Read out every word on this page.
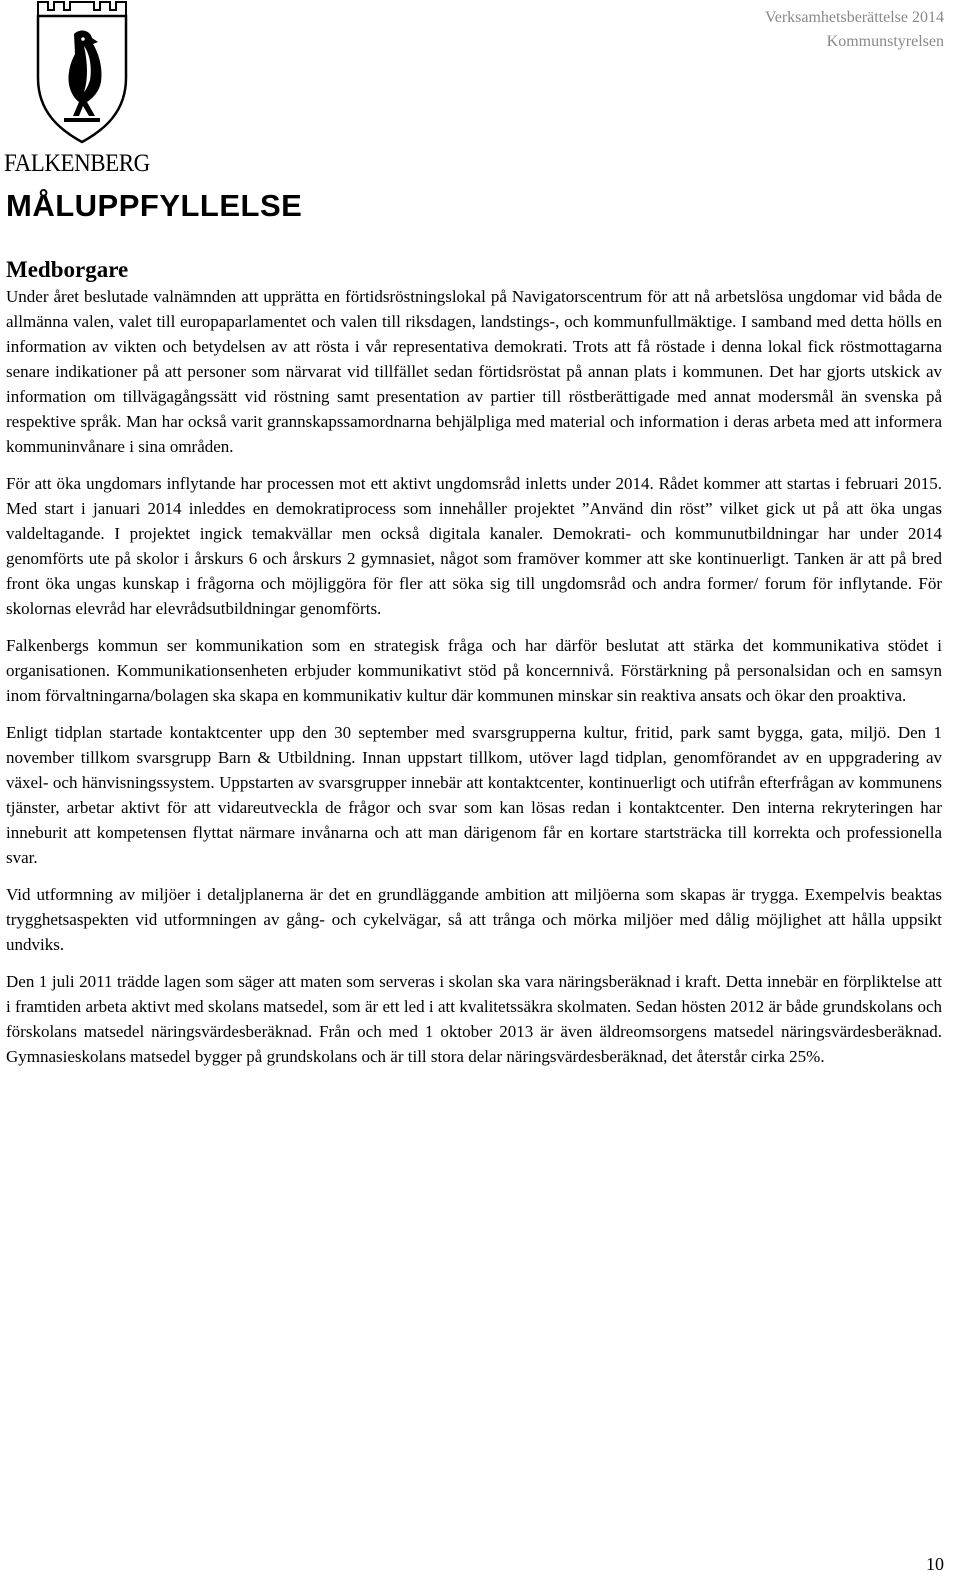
FALKENBERG
Verksamhetsberättelse 2014
Kommunstyrelsen
MÅLUPPFYLLELSE
Medborgare

Under året beslutade valnämnden att upprätta en förtidsröstningslokal på Navigatorscentrum för att nå arbetslösa ungdomar vid båda de allmänna valen, valet till europaparlamentet och valen till riksdagen, landstings-, och kommunfullmäktige. I samband med detta hölls en information av vikten och betydelsen av att rösta i vår representativa demokrati. Trots att få röstade i denna lokal fick röstmottagarna senare indikationer på att personer som närvarat vid tillfället sedan förtidsröstat på annan plats i kommunen. Det har gjorts utskick av information om tillvägagångssätt vid röstning samt presentation av partier till röstberättigade med annat modersmål än svenska på respektive språk. Man har också varit grannskapssamordnarna behjälpliga med material och information i deras arbeta med att informera kommuninvånare i sina områden.

För att öka ungdomars inflytande har processen mot ett aktivt ungdomsråd inletts under 2014. Rådet kommer att startas i februari 2015. Med start i januari 2014 inleddes en demokratiprocess som innehåller projektet ”Använd din röst” vilket gick ut på att öka ungas valdeltagande. I projektet ingick temakvällar men också digitala kanaler. Demokrati- och kommunutbildningar har under 2014 genomförts ute på skolor i årskurs 6 och årskurs 2 gymnasiet, något som framöver kommer att ske kontinuerligt. Tanken är att på bred front öka ungas kunskap i frågorna och möjliggöra för fler att söka sig till ungdomsråd och andra former/ forum för inflytande. För skolornas elevråd har elevrådsutbildningar genomförts.

Falkenbergs kommun ser kommunikation som en strategisk fråga och har därför beslutat att stärka det kommunikativa stödet i organisationen. Kommunikationsenheten erbjuder kommunikativt stöd på koncernnivå. Förstärkning på personalsidan och en samsyn inom förvaltningarna/bolagen ska skapa en kommunikativ kultur där kommunen minskar sin reaktiva ansats och ökar den proaktiva.

Enligt tidplan startade kontaktcenter upp den 30 september med svarsgrupperna kultur, fritid, park samt bygga, gata, miljö. Den 1 november tillkom svarsgrupp Barn & Utbildning. Innan uppstart tillkom, utöver lagd tidplan, genomförandet av en uppgradering av växel- och hänvisningssystem. Uppstarten av svarsgrupper innebär att kontaktcenter, kontinuerligt och utifrån efterfrågan av kommunens tjänster, arbetar aktivt för att vidareutveckla de frågor och svar som kan lösas redan i kontaktcenter. Den interna rekryteringen har inneburit att kompetensen flyttat närmare invånarna och att man därigenom får en kortare startsträcka till korrekta och professionella svar.

Vid utformning av miljöer i detaljplanerna är det en grundläggande ambition att miljöerna som skapas är trygga. Exempelvis beaktas trygghetsaspekten vid utformningen av gång- och cykelvägar, så att trånga och mörka miljöer med dålig möjlighet att hålla uppsikt undviks.

Den 1 juli 2011 trädde lagen som säger att maten som serveras i skolan ska vara näringsberäknad i kraft. Detta innebär en förpliktelse att i framtiden arbeta aktivt med skolans matsedel, som är ett led i att kvalitetssäkra skolmaten. Sedan hösten 2012 är både grundskolans och förskolans matsedel näringsvärdesberäknad. Från och med 1 oktober 2013 är även äldreomsorgens matsedel näringsvärdesberäknad. Gymnasieskolans matsedel bygger på grundskolans och är till stora delar näringsvärdesberäknad, det återstår cirka 25%.

10
